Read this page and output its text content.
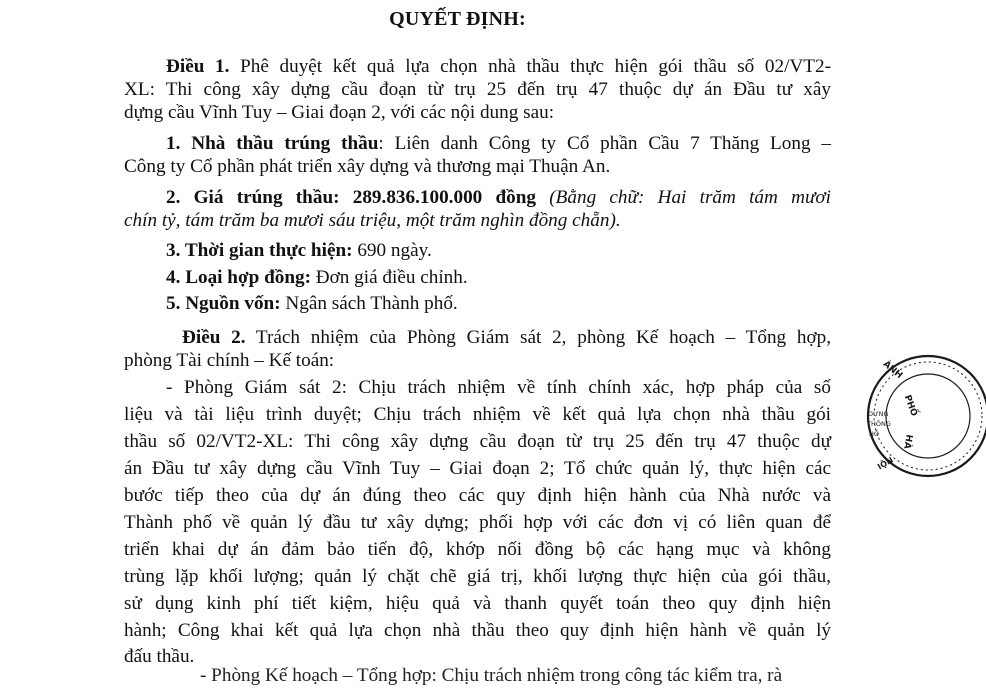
QUYẾT ĐỊNH:
Điều 1. Phê duyệt kết quả lựa chọn nhà thầu thực hiện gói thầu số 02/VT2-
XL: Thi công xây dựng cầu đoạn từ trụ 25 đến trụ 47 thuộc dự án Đầu tư xây
dựng cầu Vĩnh Tuy – Giai đoạn 2, với các nội dung sau:
1. Nhà thầu trúng thầu: Liên danh Công ty Cổ phần Cầu 7 Thăng Long –
Công ty Cổ phần phát triển xây dựng và thương mại Thuận An.
2. Giá trúng thầu: 289.836.100.000 đồng (Bằng chữ: Hai trăm tám mươi
chín tỷ, tám trăm ba mươi sáu triệu, một trăm nghìn đồng chẵn).
3. Thời gian thực hiện: 690 ngày.
4. Loại hợp đồng: Đơn giá điều chỉnh.
5. Nguồn vốn: Ngân sách Thành phố.
Điều 2. Trách nhiệm của Phòng Giám sát 2, phòng Kế hoạch – Tổng hợp,
phòng Tài chính – Kế toán:
- Phòng Giám sát 2: Chịu trách nhiệm về tính chính xác, hợp pháp của số
liệu và tài liệu trình duyệt; Chịu trách nhiệm về kết quả lựa chọn nhà thầu gói
thầu số 02/VT2-XL: Thi công xây dựng cầu đoạn từ trụ 25 đến trụ 47 thuộc dự
án Đầu tư xây dựng cầu Vĩnh Tuy – Giai đoạn 2; Tổ chức quản lý, thực hiện các
bước tiếp theo của dự án đúng theo các quy định hiện hành của Nhà nước và
Thành phố về quản lý đầu tư xây dựng; phối hợp với các đơn vị có liên quan để
triển khai dự án đảm bảo tiến độ, khớp nối đồng bộ các hạng mục và không
trùng lặp khối lượng; quản lý chặt chẽ giá trị, khối lượng thực hiện của gói thầu,
sử dụng kinh phí tiết kiệm, hiệu quả và thanh quyết toán theo quy định hiện
hành; Công khai kết quả lựa chọn nhà thầu theo quy định hiện hành về quản lý
đấu thầu.
- Phòng Kế hoạch – Tổng hợp: Chịu trách nhiệm trong công tác kiểm tra, rà
ÀNH
PHỐ
HÀ
DỰNG
THÔNG
HỒ
IỘN
